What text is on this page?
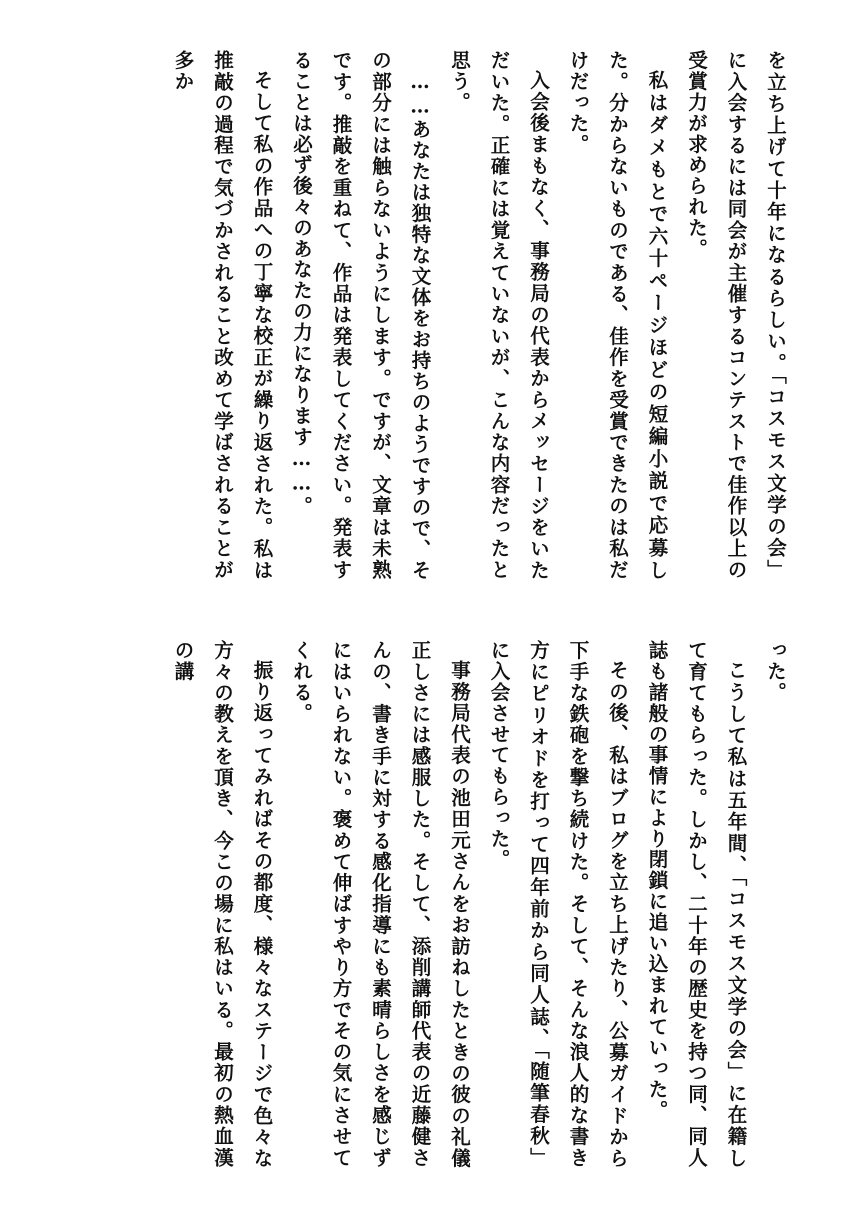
を立ち上げて十年になるらしい。「コスモス文学の会」に入会するには同会が主催するコンテストで佳作以上の受賞力が求められた。

私はダメもとで六十ページほどの短編小説で応募した。分からないものである、佳作を受賞できたのは私だけだった。

入会後まもなく、事務局の代表からメッセージをいただいた。正確には覚えていないが、こんな内容だったと思う。

……あなたは独特な文体をお持ちのようですので、その部分には触らないようにします。ですが、文章は未熟です。推敲を重ねて、作品は発表してください。発表することは必ず後々のあなたの力になります……。

そして私の作品への丁寧な校正が繰り返された。私は推敲の過程で気づかされること改めて学ばされることが多か

った。

こうして私は五年間、「コスモス文学の会」に在籍して育てもらった。しかし、二十年の歴史を持つ同、同人誌も諸般の事情により閉鎖に追い込まれていった。

その後、私はブログを立ち上げたり、公募ガイドから下手な鉄砲を撃ち続けた。そして、そんな浪人的な書き方にピリオドを打って四年前から同人誌、「随筆春秋」に入会させてもらった。

事務局代表の池田元さんをお訪ねしたときの彼の礼儀正しさには感服した。そして、添削講師代表の近藤健さんの、書き手に対する感化指導にも素晴らしさを感じずにはいられない。褒めて伸ばすやり方でその気にさせてくれる。

振り返ってみればその都度、様々なステージで色々な方々の教えを頂き、今この場に私はいる。最初の熱血漢の講
